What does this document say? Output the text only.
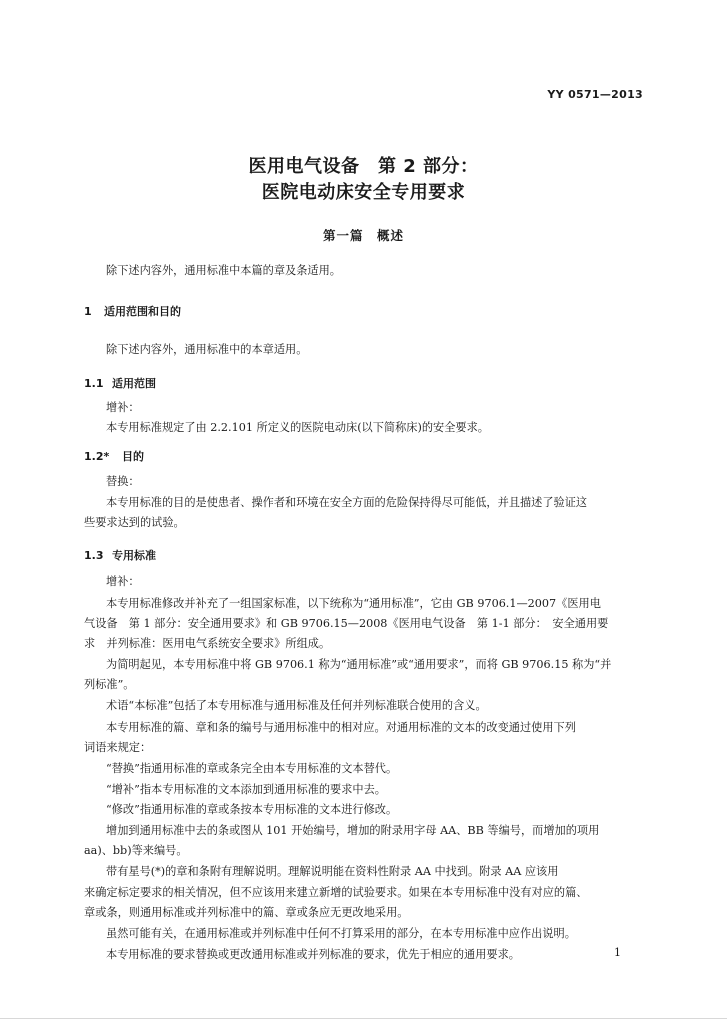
YY 0571—2013
医用电气设备　第 2 部分：
医院电动床安全专用要求
第一篇　概述
除下述内容外，通用标准中本篇的章及条适用。
1 适用范围和目的
除下述内容外，通用标准中的本章适用。
1.1 适用范围
增补：
本专用标准规定了由 2.2.101 所定义的医院电动床(以下简称床)的安全要求。
1.2* 目的
替换：
本专用标准的目的是使患者、操作者和环境在安全方面的危险保持得尽可能低，并且描述了验证这
些要求达到的试验。
1.3 专用标准
增补：
本专用标准修改并补充了一组国家标准，以下统称为“通用标准”，它由 GB 9706.1—2007《医用电
气设备　第 1 部分：安全通用要求》和 GB 9706.15—2008《医用电气设备　第 1-1 部分：　安全通用要
求　并列标准：医用电气系统安全要求》所组成。
为简明起见，本专用标准中将 GB 9706.1 称为“通用标准”或“通用要求”，而将 GB 9706.15 称为“并
列标准”。
术语“本标准”包括了本专用标准与通用标准及任何并列标准联合使用的含义。
本专用标准的篇、章和条的编号与通用标准中的相对应。对通用标准的文本的改变通过使用下列
词语来规定：
“替换”指通用标准的章或条完全由本专用标准的文本替代。
“增补”指本专用标准的文本添加到通用标准的要求中去。
“修改”指通用标准的章或条按本专用标准的文本进行修改。
增加到通用标准中去的条或图从 101 开始编号，增加的附录用字母 AA、BB 等编号，而增加的项用
aa)、bb)等来编号。
带有星号(*)的章和条附有理解说明。理解说明能在资料性附录 AA 中找到。附录 AA 应该用
来确定标定要求的相关情况，但不应该用来建立新增的试验要求。如果在本专用标准中没有对应的篇、
章或条，则通用标准或并列标准中的篇、章或条应无更改地采用。
虽然可能有关，在通用标准或并列标准中任何不打算采用的部分，在本专用标准中应作出说明。
本专用标准的要求替换或更改通用标准或并列标准的要求，优先于相应的通用要求。	1
